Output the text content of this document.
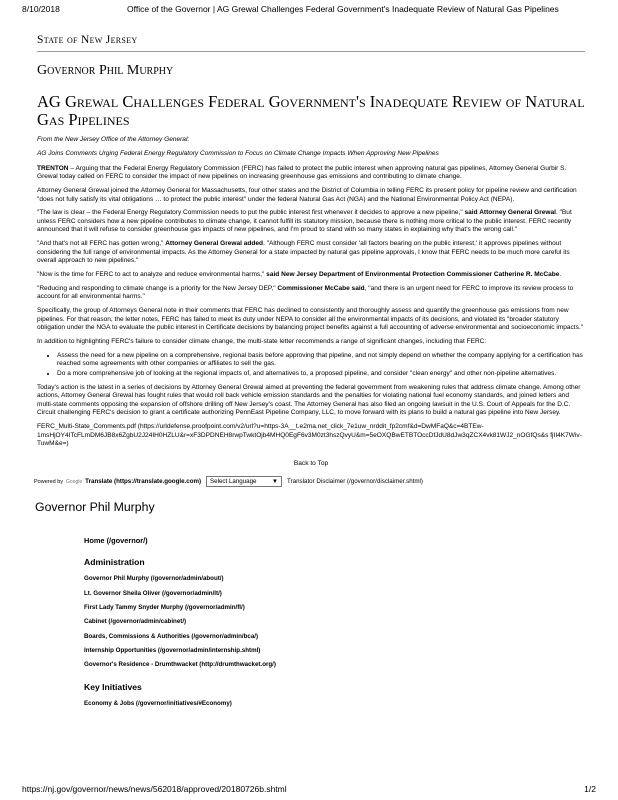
8/10/2018	Office of the Governor | AG Grewal Challenges Federal Government's Inadequate Review of Natural Gas Pipelines
State of New Jersey
Governor Phil Murphy
AG Grewal Challenges Federal Government's Inadequate Review of Natural Gas Pipelines

From the New Jersey Office of the Attorney General:

AG Joins Comments Urging Federal Energy Regulatory Commission to Focus on Climate Change Impacts When Approving New Pipelines

TRENTON – Arguing that the Federal Energy Regulatory Commission (FERC) has failed to protect the public interest when approving natural gas pipelines, Attorney General Gurbir S. Grewal today called on FERC to consider the impact of new pipelines on increasing greenhouse gas emissions and contributing to climate change.

Attorney General Grewal joined the Attorney General for Massachusetts, four other states and the District of Columbia in telling FERC its present policy for pipeline review and certification "does not fully satisfy its vital obligations … to protect the public interest" under the federal Natural Gas Act (NGA) and the National Environmental Policy Act (NEPA).

"The law is clear – the Federal Energy Regulatory Commission needs to put the public interest first whenever it decides to approve a new pipeline," said Attorney General Grewal. "But unless FERC considers how a new pipeline contributes to climate change, it cannot fulfill its statutory mission, because there is nothing more critical to the public interest. FERC recently announced that it will refuse to consider greenhouse gas impacts of new pipelines, and I'm proud to stand with so many states in explaining why that's the wrong call."

"And that's not all FERC has gotten wrong," Attorney General Grewal added. "Although FERC must consider 'all factors bearing on the public interest,' it approves pipelines without considering the full range of environmental impacts. As the Attorney General for a state impacted by natural gas pipeline approvals, I know that FERC needs to be much more careful its overall approach to new pipelines."

"Now is the time for FERC to act to analyze and reduce environmental harms," said New Jersey Department of Environmental Protection Commissioner Catherine R. McCabe.

"Reducing and responding to climate change is a priority for the New Jersey DEP," Commissioner McCabe said, "and there is an urgent need for FERC to improve its review process to account for all environmental harms."

Specifically, the group of Attorneys General note in their comments that FERC has declined to consistently and thoroughly assess and quantify the greenhouse gas emissions from new pipelines. For that reason, the letter notes, FERC has failed to meet its duty under NEPA to consider all the environmental impacts of its decisions, and violated its "broader statutory obligation under the NGA to evaluate the public interest in Certificate decisions by balancing project benefits against a full accounting of adverse environmental and socioeconomic impacts."

In addition to highlighting FERC's failure to consider climate change, the multi-state letter recommends a range of significant changes, including that FERC:

• Assess the need for a new pipeline on a comprehensive, regional basis before approving that pipeline, and not simply depend on whether the company applying for a certification has reached some agreements with other companies or affiliates to sell the gas.
• Do a more comprehensive job of looking at the regional impacts of, and alternatives to, a proposed pipeline, and consider "clean energy" and other non-pipeline alternatives.

Today's action is the latest in a series of decisions by Attorney General Grewal aimed at preventing the federal government from weakening rules that address climate change. Among other actions, Attorney General Grewal has fought rules that would roll back vehicle emission standards and the penalties for violating national fuel economy standards, and joined letters and multi-state comments opposing the expansion of offshore drilling off New Jersey's coast. The Attorney General has also filed an ongoing lawsuit in the U.S. Court of Appeals for the D.C. Circuit challenging FERC's decision to grant a certificate authorizing PennEast Pipeline Company, LLC, to move forward with its plans to build a natural gas pipeline into New Jersey.

FERC_Multi-State_Comments.pdf (https://urldefense.proofpoint.com/v2/url?u=https-3A__t.e2ma.net_click_7e1uw_nrddit_fp2cmf&d=DwMFaQ&c=4BTEw-1msHjOY4ITcFLmDM6JB8x6ZgbU2J24IH0HZLU&r=xF3DPDNEH8rwpTwktOjb4MHQ0EgF6v3M0zt3hszQvyU&m=5eOXQBwETBTOccDfJdU8dJw3qZCX4vk81WJ2_nOGfQs&s fjII4K7Wiv-TuwM&e=)

Back to Top
Powered by Google Translate (https://translate.google.com) Select Language ▼ Translator Disclaimer (/governor/disclaimer.shtml)
Governor Phil Murphy
Home (/governor/)
Administration
Governor Phil Murphy (/governor/admin/about/)
Lt. Governor Sheila Oliver (/governor/admin/lt/)
First Lady Tammy Snyder Murphy (/governor/admin/fl/)
Cabinet (/governor/admin/cabinet/)
Boards, Commissions & Authorities (/governor/admin/bca/)
Internship Opportunities (/governor/admin/internship.shtml)
Governor's Residence - Drumthwacket (http://drumthwacket.org/)
Key Initiatives
Economy & Jobs (/governor/initiatives/#Economy)
https://nj.gov/governor/news/news/562018/approved/20180726b.shtml	1/2
